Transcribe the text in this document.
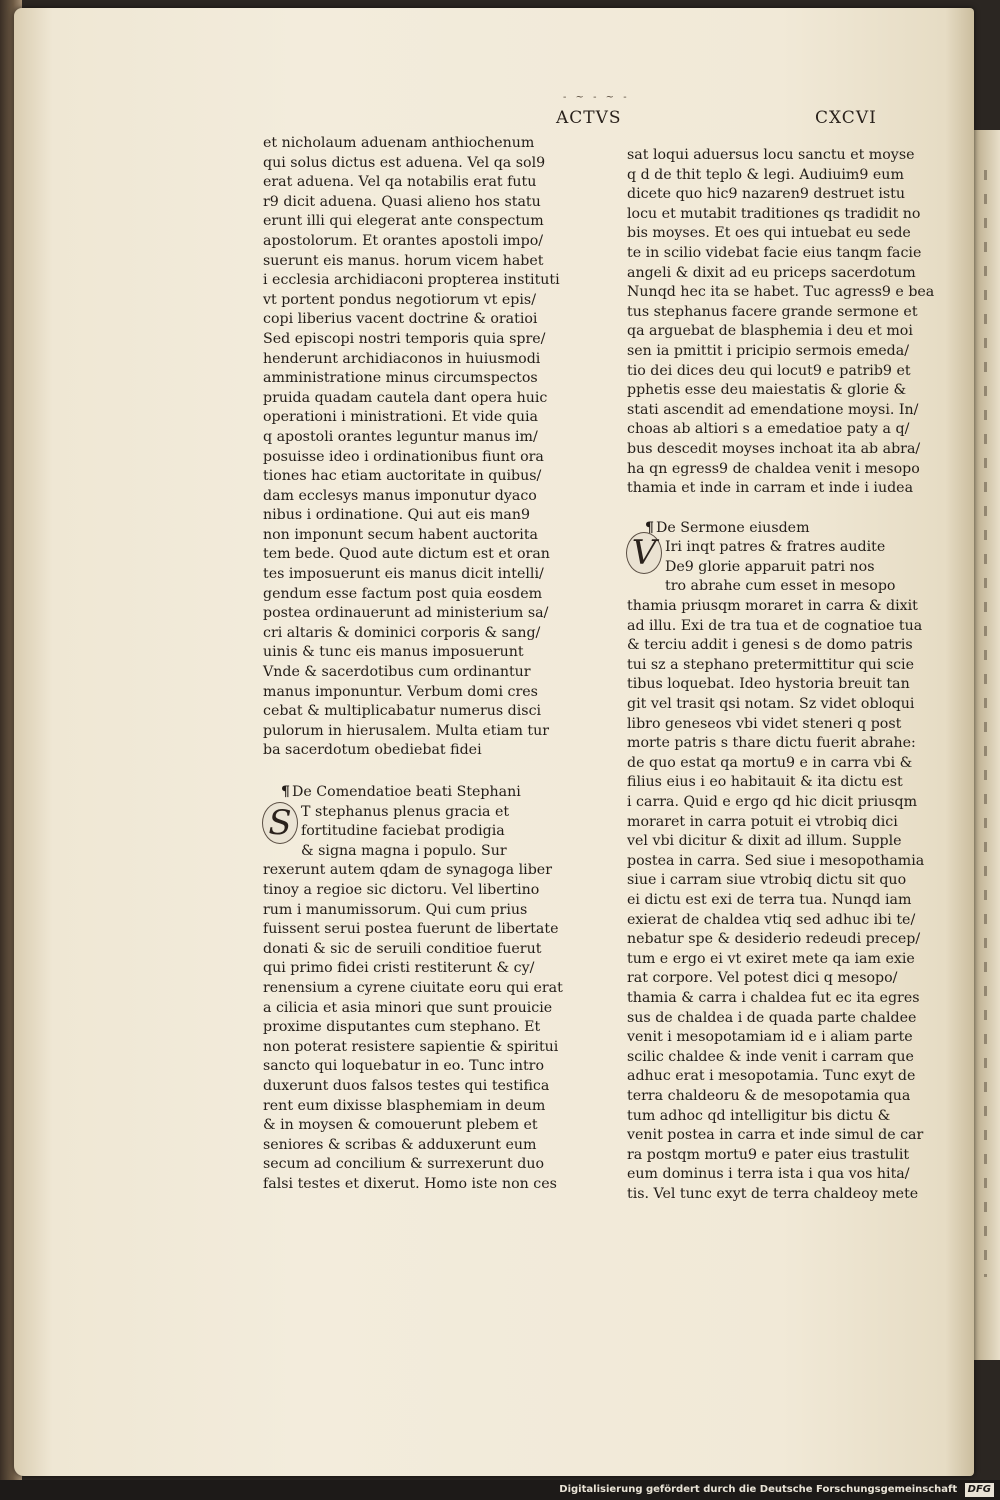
- ~ - ~ -
ACTVS	CXCVI
et nicholaum aduenam anthiochenum
qui solus dictus est aduena. Vel qa sol9
erat aduena. Vel qa notabilis erat futu
r9 dicit aduena. Quasi alieno hos statu
erunt illi qui elegerat ante conspectum
apostolorum. Et orantes apostoli impo/
suerunt eis manus. horum vicem habet
i ecclesia archidiaconi propterea instituti
vt portent pondus negotiorum vt epis/
copi liberius vacent doctrine & oratioi
Sed episcopi nostri temporis quia spre/
henderunt archidiaconos in huiusmodi
amministratione minus circumspectos
pruida quadam cautela dant opera huic
operationi i ministrationi. Et vide quia
q apostoli orantes leguntur manus im/
posuisse ideo i ordinationibus fiunt ora
tiones hac etiam auctoritate in quibus/
dam ecclesys manus imponutur dyaco
nibus i ordinatione. Qui aut eis man9
non imponunt secum habent auctorita
tem bede. Quod aute dictum est et oran
tes imposuerunt eis manus dicit intelli/
gendum esse factum post quia eosdem
postea ordinauerunt ad ministerium sa/
cri altaris & dominici corporis & sang/
uinis & tunc eis manus imposuerunt
Vnde & sacerdotibus cum ordinantur
manus imponuntur. Verbum domi cres
cebat & multiplicabatur numerus disci
pulorum in hierusalem. Multa etiam tur
ba sacerdotum obediebat fidei
¶ De Comendatioe beati Stephani
T stephanus plenus gracia et
fortitudine faciebat prodigia
& signa magna i populo. Sur
rexerunt autem qdam de synagoga liber
tinoy a regioe sic dictoru. Vel libertino
rum i manumissorum. Qui cum prius
fuissent serui postea fuerunt de libertate
donati & sic de seruili conditioe fuerut
qui primo fidei cristi restiterunt & cy/
renensium a cyrene ciuitate eoru qui erat
a cilicia et asia minori que sunt prouicie
proxime disputantes cum stephano. Et
non poterat resistere sapientie & spiritui
sancto qui loquebatur in eo. Tunc intro
duxerunt duos falsos testes qui testifica
rent eum dixisse blasphemiam in deum
& in moysen & comouerunt plebem et
seniores & scribas & adduxerunt eum
secum ad concilium & surrexerunt duo
falsi testes et dixerut. Homo iste non ces
S
sat loqui aduersus locu sanctu et moyse
q d de thit teplo & legi. Audiuim9 eum
dicete quo hic9 nazaren9 destruet istu
locu et mutabit traditiones qs tradidit no
bis moyses. Et oes qui intuebat eu sede
te in scilio videbat facie eius tanqm facie
angeli & dixit ad eu priceps sacerdotum
Nunqd hec ita se habet. Tuc agress9 e bea
tus stephanus facere grande sermone et
qa arguebat de blasphemia i deu et moi
sen ia pmittit i pricipio sermois emeda/
tio dei dices deu qui locut9 e patrib9 et
pphetis esse deu maiestatis & glorie &
stati ascendit ad emendatione moysi. In/
choas ab altiori s a emedatioe paty a q/
bus descedit moyses inchoat ita ab abra/
ha qn egress9 de chaldea venit i mesopo
thamia et inde in carram et inde i iudea
¶ De Sermone eiusdem
Iri inqt patres & fratres audite
De9 glorie apparuit patri nos
tro abrahe cum esset in mesopo
thamia priusqm moraret in carra & dixit
ad illu. Exi de tra tua et de cognatioe tua
& terciu addit i genesi s de domo patris
tui sz a stephano pretermittitur qui scie
tibus loquebat. Ideo hystoria breuit tan
git vel trasit qsi notam. Sz videt obloqui
libro geneseos vbi videt steneri q post
morte patris s thare dictu fuerit abrahe:
de quo estat qa mortu9 e in carra vbi &
filius eius i eo habitauit & ita dictu est
i carra. Quid e ergo qd hic dicit priusqm
moraret in carra potuit ei vtrobiq dici
vel vbi dicitur & dixit ad illum. Supple
postea in carra. Sed siue i mesopothamia
siue i carram siue vtrobiq dictu sit quo
ei dictu est exi de terra tua. Nunqd iam
exierat de chaldea vtiq sed adhuc ibi te/
nebatur spe & desiderio redeudi precep/
tum e ergo ei vt exiret mete qa iam exie
rat corpore. Vel potest dici q mesopo/
thamia & carra i chaldea fut ec ita egres
sus de chaldea i de quada parte chaldee
venit i mesopotamiam id e i aliam parte
scilic chaldee & inde venit i carram que
adhuc erat i mesopotamia. Tunc exyt de
terra chaldeoru & de mesopotamia qua
tum adhoc qd intelligitur bis dictu &
venit postea in carra et inde simul de car
ra postqm mortu9 e pater eius trastulit
eum dominus i terra ista i qua vos hita/
tis. Vel tunc exyt de terra chaldeoy mete
V
Digitalisierung gefördert durch die Deutsche Forschungsgemeinschaft DFG
